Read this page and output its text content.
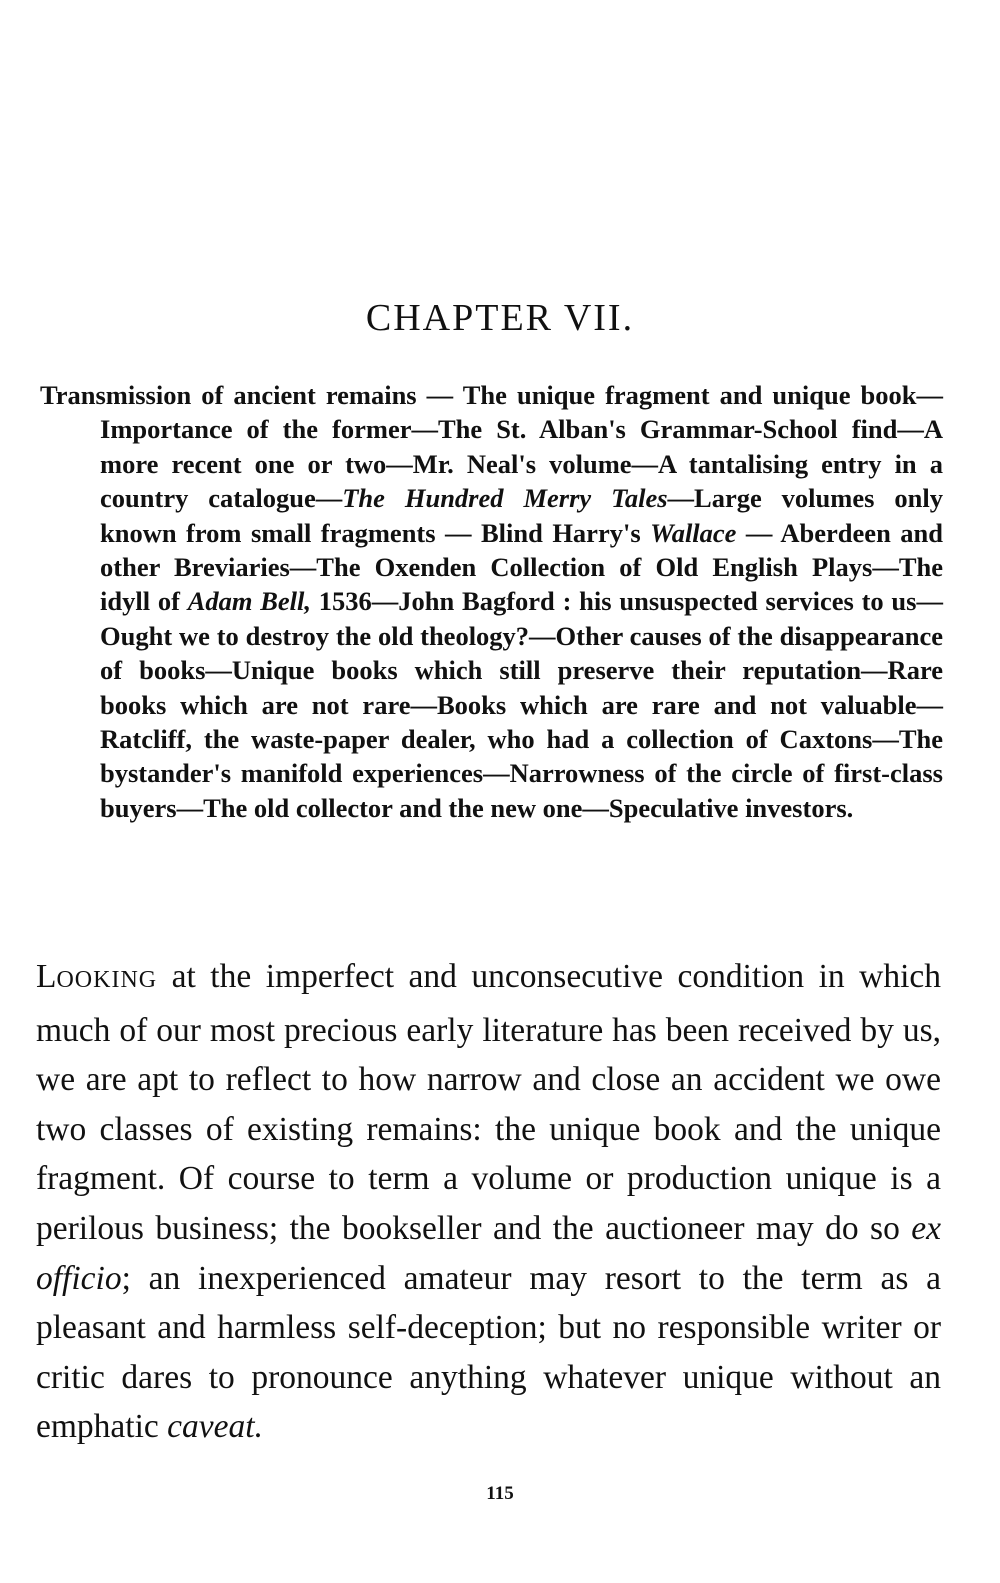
CHAPTER VII.

Transmission of ancient remains — The unique fragment and unique book—Importance of the former—The St. Alban's Grammar-School find—A more recent one or two—Mr. Neal's volume—A tantalising entry in a country catalogue—The Hundred Merry Tales—Large volumes only known from small fragments — Blind Harry's Wallace — Aberdeen and other Breviaries—The Oxenden Collection of Old English Plays—The idyll of Adam Bell, 1536—John Bagford : his unsuspected services to us—Ought we to destroy the old theology?—Other causes of the disappearance of books—Unique books which still preserve their reputation—Rare books which are not rare—Books which are rare and not valuable—Ratcliff, the waste-paper dealer, who had a collection of Caxtons—The bystander's manifold experiences—Narrowness of the circle of first-class buyers—The old collector and the new one—Speculative investors.

LOOKING at the imperfect and unconsecutive condition in which much of our most precious early literature has been received by us, we are apt to reflect to how narrow and close an accident we owe two classes of existing remains: the unique book and the unique fragment. Of course to term a volume or production unique is a perilous business; the bookseller and the auctioneer may do so ex officio; an inexperienced amateur may resort to the term as a pleasant and harmless self-deception; but no responsible writer or critic dares to pronounce anything whatever unique without an emphatic caveat.

115
